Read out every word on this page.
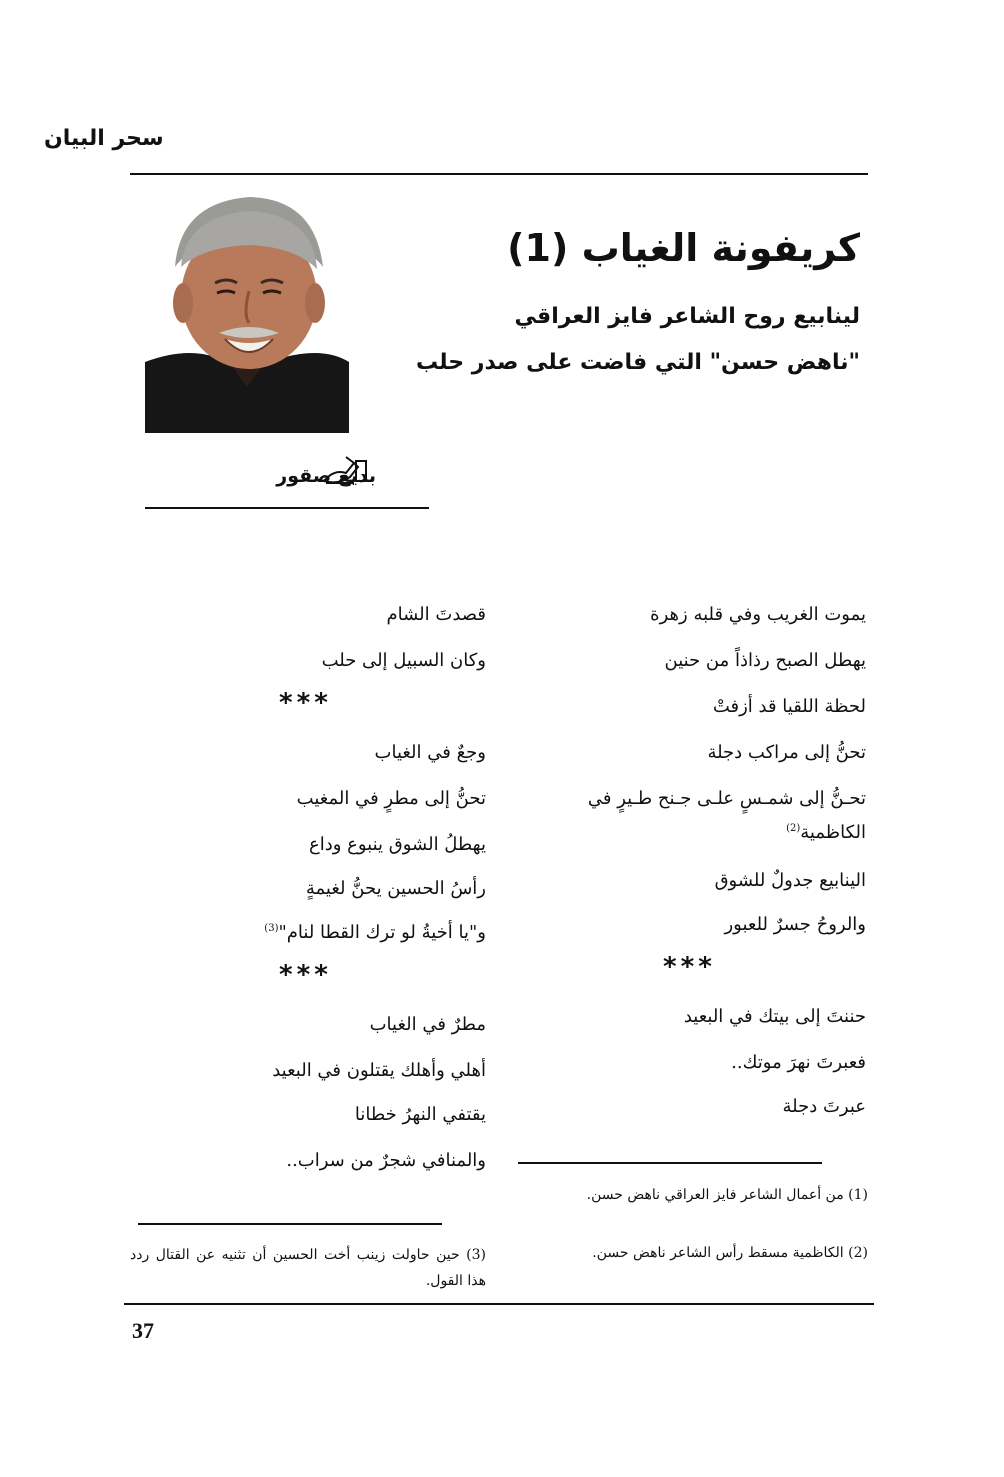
سحر البيان
كريفونة الغياب (1)
لينابيع روح الشاعر فايز العراقي
"ناهض حسن" التي فاضت على صدر حلب
بديع صقور
يموت الغريب وفي قلبه زهرة
يهطل الصبح رذاذاً من حنين
لحظة اللقيا قد أزفتْ
تحنُّ إلى مراكب دجلة
تحـنُّ إلى شمـسٍ علـى جـنح طـيرٍ في
الكاظمية$^{(2)}$
الينابيع جدولٌ للشوق
والروحُ جسرٌ للعبور
***
حننتَ إلى بيتك في البعيد
فعبرتَ نهرَ موتك..
عبرتَ دجلة
قصدتَ الشام
وكان السبيل إلى حلب
***
وجعٌ في الغياب
تحنُّ إلى مطرٍ في المغيب
يهطلُ الشوق ينبوع وداع
رأسُ الحسين يحنُّ لغيمةٍ
و"يا أخيةُ لو ترك القطا لنام"$^{(3)}$
***
مطرٌ في الغياب
أهلي وأهلك يقتلون في البعيد
يقتفي النهرُ خطانا
والمنافي شجرٌ من سراب..
(1) من أعمال الشاعر فايز العراقي ناهض حسن.
(2) الكاظمية مسقط رأس الشاعر ناهض حسن.
(3) حين حاولت زينب أخت الحسين أن تثنيه عن القتال ردد هذا القول.
37
